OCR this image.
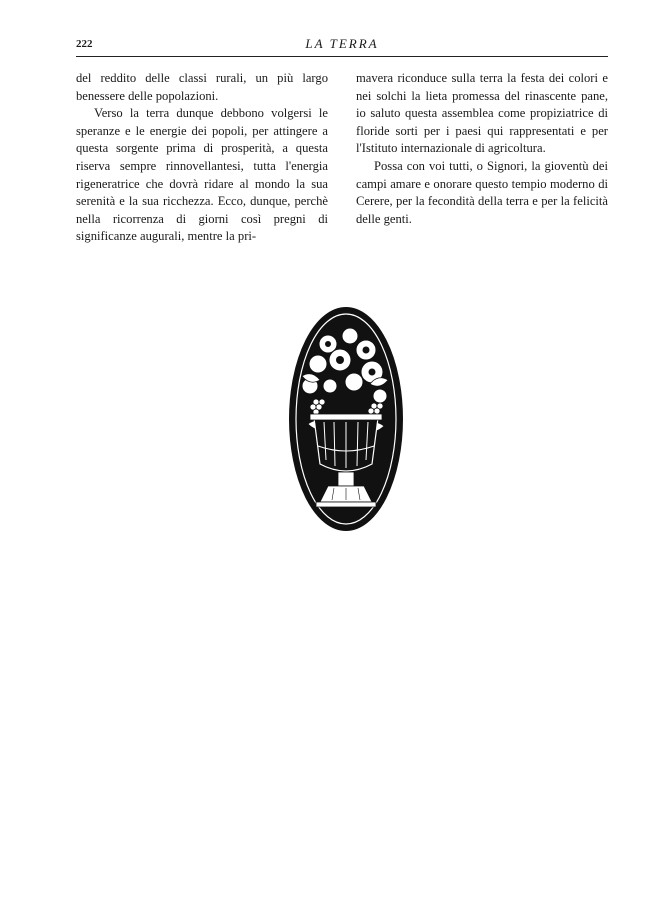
222	LA TERRA

del reddito delle classi rurali, un più largo benessere delle popolazioni.

Verso la terra dunque debbono volgersi le speranze e le energie dei popoli, per attingere a questa sorgente prima di prosperità, a questa riserva sempre rinnovellantesi, tutta l'energia rigeneratrice che dovrà ridare al mondo la sua serenità e la sua ricchezza. Ecco, dunque, perchè nella ricorrenza di giorni così pregni di significanze augurali, mentre la pri-

mavera riconduce sulla terra la festa dei colori e nei solchi la lieta promessa del rinascente pane, io saluto questa assemblea come propiziatrice di floride sorti per i paesi qui rappresentati e per l'Istituto internazionale di agricoltura.

Possa con voi tutti, o Signori, la gioventù dei campi amare e onorare questo tempio moderno di Cerere, per la fecondità della terra e per la felicità delle genti.
